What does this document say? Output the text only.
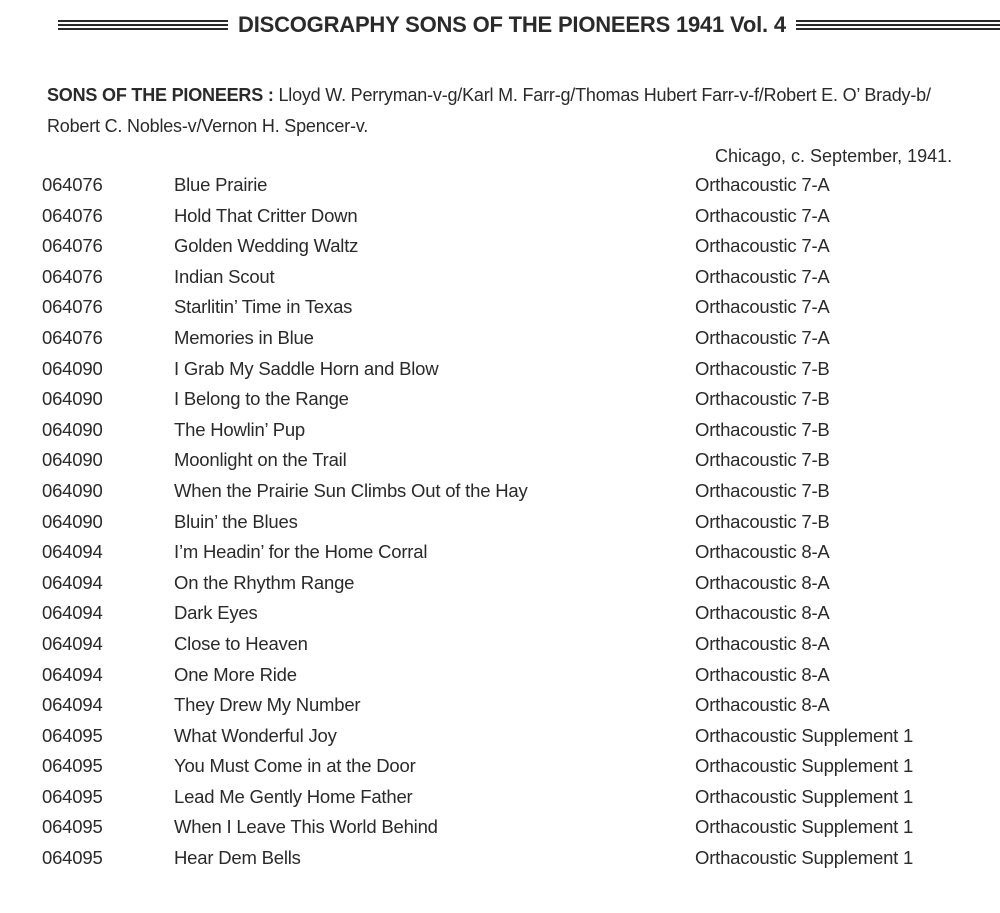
DISCOGRAPHY SONS OF THE PIONEERS 1941 Vol. 4
SONS OF THE PIONEERS : Lloyd W. Perryman-v-g/Karl M. Farr-g/Thomas Hubert Farr-v-f/Robert E. O’ Brady-b/ Robert C. Nobles-v/Vernon H. Spencer-v.
Chicago, c. September, 1941.
064076	Blue Prairie	Orthacoustic 7-A
064076	Hold That Critter Down	Orthacoustic 7-A
064076	Golden Wedding Waltz	Orthacoustic 7-A
064076	Indian Scout	Orthacoustic 7-A
064076	Starlitin’ Time in Texas	Orthacoustic 7-A
064076	Memories in Blue	Orthacoustic 7-A
064090	I Grab My Saddle Horn and Blow	Orthacoustic 7-B
064090	I Belong to the Range	Orthacoustic 7-B
064090	The Howlin’ Pup	Orthacoustic 7-B
064090	Moonlight on the Trail	Orthacoustic 7-B
064090	When the Prairie Sun Climbs Out of the Hay	Orthacoustic 7-B
064090	Bluin’ the Blues	Orthacoustic 7-B
064094	I’m Headin’ for the Home Corral	Orthacoustic 8-A
064094	On the Rhythm Range	Orthacoustic 8-A
064094	Dark Eyes	Orthacoustic 8-A
064094	Close to Heaven	Orthacoustic 8-A
064094	One More Ride	Orthacoustic 8-A
064094	They Drew My Number	Orthacoustic 8-A
064095	What Wonderful Joy	Orthacoustic Supplement 1
064095	You Must Come in at the Door	Orthacoustic Supplement 1
064095	Lead Me Gently Home Father	Orthacoustic Supplement 1
064095	When I Leave This World Behind	Orthacoustic Supplement 1
064095	Hear Dem Bells	Orthacoustic Supplement 1
